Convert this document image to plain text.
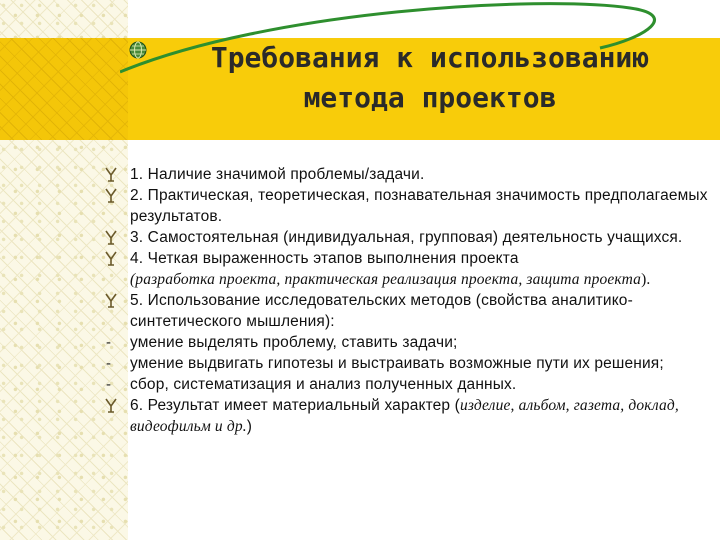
Требования к использованию
метода проектов
1. Наличие значимой проблемы/задачи.
2. Практическая, теоретическая, познавательная значимость предполагаемых результатов.
3. Самостоятельная (индивидуальная, групповая) деятельность учащихся.
4. Четкая выраженность этапов выполнения проекта
(разработка проекта, практическая реализация проекта, защита проекта).
5. Использование исследовательских методов (свойства аналитико-синтетического мышления):
- умение выделять проблему, ставить задачи;
- умение выдвигать гипотезы и выстраивать возможные пути их решения;
- сбор, систематизация и анализ полученных данных.
6. Результат имеет материальный характер (изделие, альбом, газета, доклад, видеофильм и др.)
